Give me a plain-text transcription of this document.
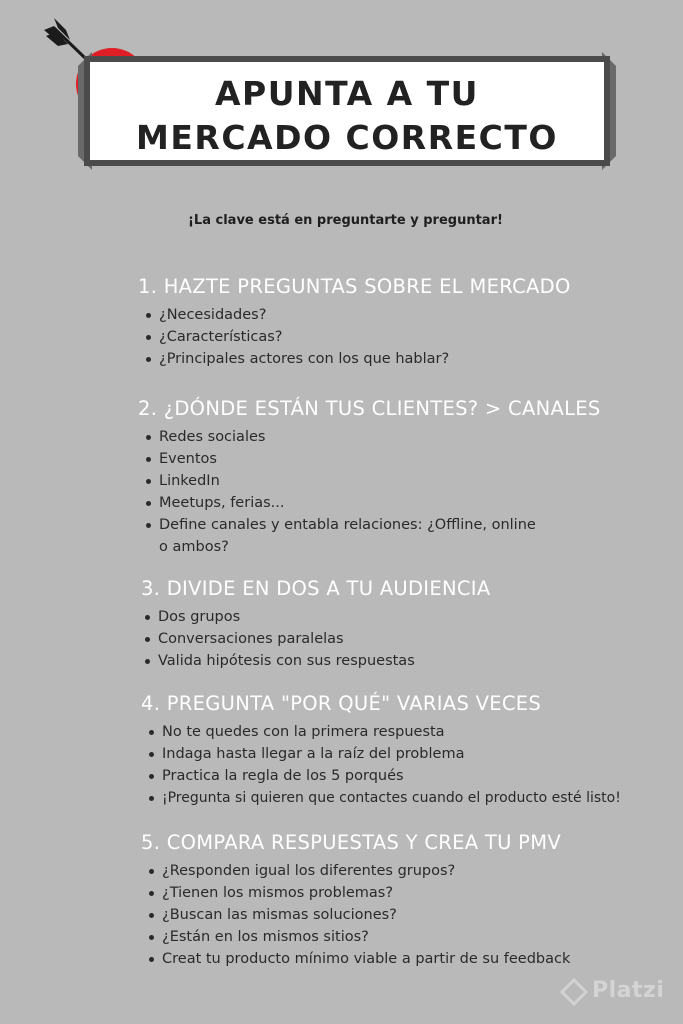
APUNTA A TU
MERCADO CORRECTO

¡La clave está en preguntarte y preguntar!

1. HAZTE PREGUNTAS SOBRE EL MERCADO
¿Necesidades?
¿Características?
¿Principales actores con los que hablar?
2. ¿DÓNDE ESTÁN TUS CLIENTES? > CANALES
Redes sociales
Eventos
LinkedIn
Meetups, ferias...
Define canales y entabla relaciones: ¿Offline, online o ambos?
3. DIVIDE EN DOS A TU AUDIENCIA
Dos grupos
Conversaciones paralelas
Valida hipótesis con sus respuestas
4. PREGUNTA "POR QUÉ" VARIAS VECES
No te quedes con la primera respuesta
Indaga hasta llegar a la raíz del problema
Practica la regla de los 5 porqués
¡Pregunta si quieren que contactes cuando el producto esté listo!
5. COMPARA RESPUESTAS Y CREA TU PMV
¿Responden igual los diferentes grupos?
¿Tienen los mismos problemas?
¿Buscan las mismas soluciones?
¿Están en los mismos sitios?
Creat tu producto mínimo viable a partir de su feedback
Platzi
